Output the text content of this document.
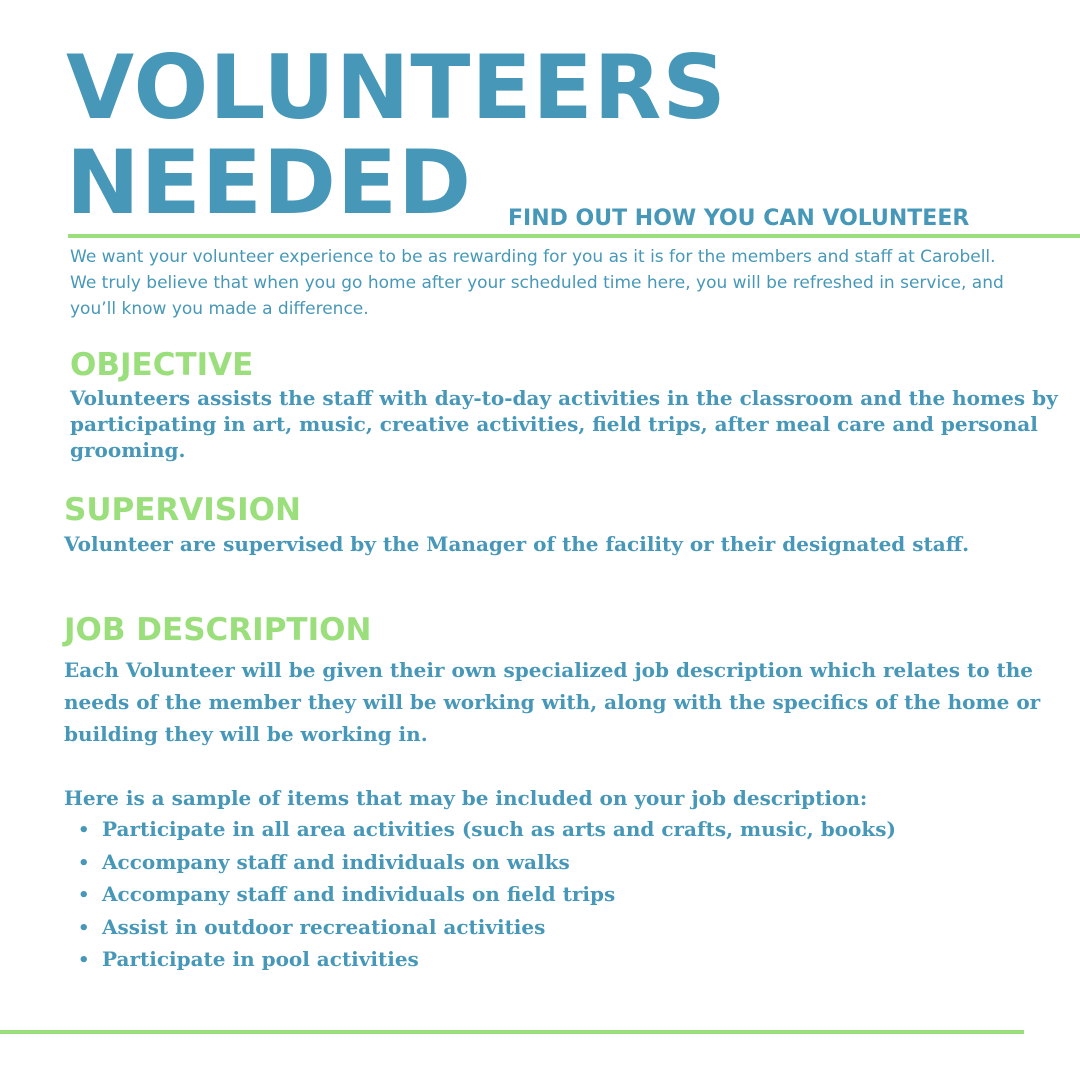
VOLUNTEERS
NEEDED FIND OUT HOW YOU CAN VOLUNTEER

We want your volunteer experience to be as rewarding for you as it is for the members and staff at Carobell. We truly believe that when you go home after your scheduled time here, you will be refreshed in service, and you’ll know you made a difference.

OBJECTIVE

Volunteers assists the staff with day-to-day activities in the classroom and the homes by participating in art, music, creative activities, field trips, after meal care and personal grooming.

SUPERVISION

Volunteer are supervised by the Manager of the facility or their designated staff.

JOB DESCRIPTION

Each Volunteer will be given their own specialized job description which relates to the needs of the member they will be working with, along with the specifics of the home or building they will be working in.

Here is a sample of items that may be included on your job description:

• Participate in all area activities (such as arts and crafts, music, books)
• Accompany staff and individuals on walks
• Accompany staff and individuals on field trips
• Assist in outdoor recreational activities
• Participate in pool activities
